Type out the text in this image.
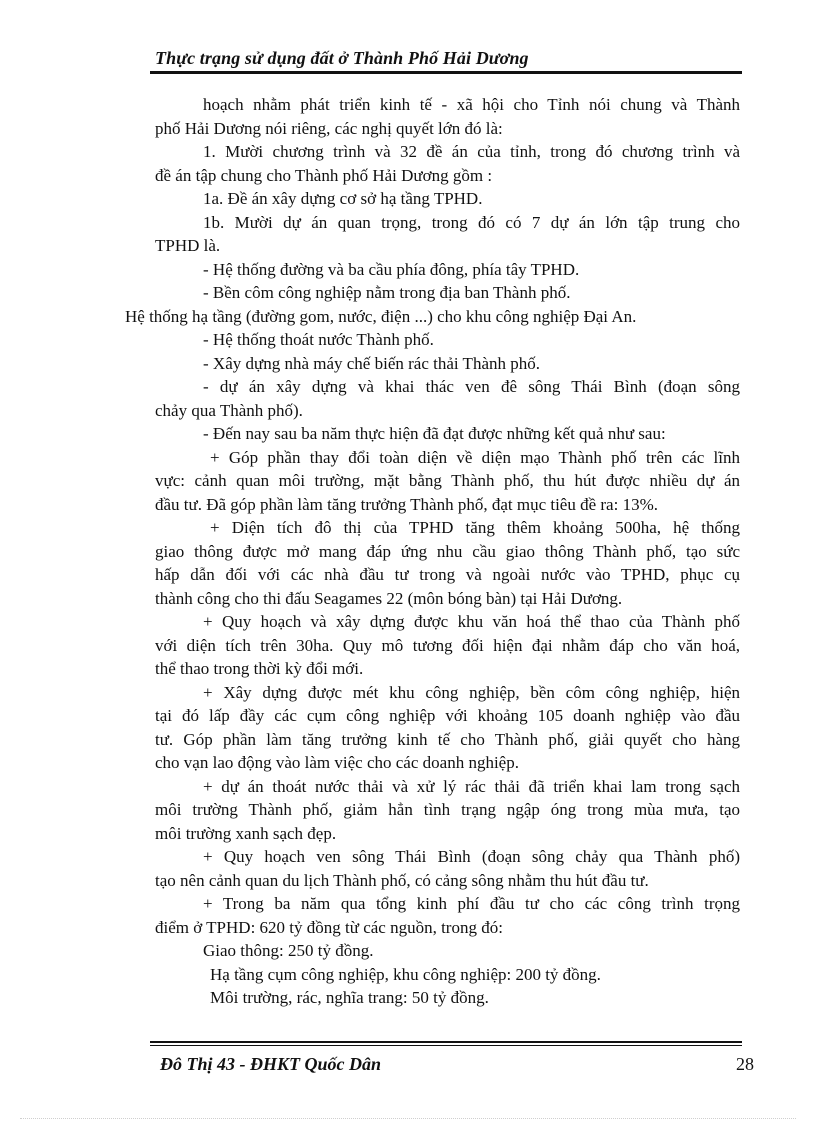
Thực trạng sử dụng đất ở Thành Phố Hải Dương
hoạch nhằm phát triển kinh tế - xã hội cho Tỉnh nói chung và Thành
phố Hải Dương nói riêng, các nghị quyết lớn đó là:
1. Mười chương trình và 32 đề án của tỉnh, trong đó chương trình và
đề án tập chung cho Thành phố Hải Dương gồm :
1a. Đề án xây dựng cơ sở hạ tầng TPHD.
1b. Mười dự án quan trọng, trong đó có 7 dự án lớn tập trung cho
TPHD là.
- Hệ thống đường và ba cầu phía đông, phía tây TPHD.
- Bền côm công nghiệp nằm trong địa ban Thành phố.
Hệ thống hạ tầng (đường gom, nước, điện ...) cho khu công nghiệp Đại An.
- Hệ thống thoát nước Thành phố.
- Xây dựng nhà máy chế biến rác thải Thành phố.
- dự án xây dựng và khai thác ven đê sông Thái Bình (đoạn sông
chảy qua Thành phố).
- Đến nay sau ba năm thực hiện đã đạt được những kết quả như sau:
+ Góp phần thay đổi toàn diện về diện mạo Thành phố trên các lĩnh
vực: cảnh quan môi trường, mặt bằng Thành phố, thu hút được nhiều dự án
đầu tư. Đã góp phần làm tăng trưởng Thành phố, đạt mục tiêu đề ra: 13%.
+ Diện tích đô thị của TPHD tăng thêm khoảng 500ha, hệ thống
giao thông được mở mang đáp ứng nhu cầu giao thông Thành phố, tạo sức
hấp dẫn đối với các nhà đầu tư trong và ngoài nước vào TPHD, phục cụ
thành công cho thi đấu Seagames 22 (môn bóng bàn) tại Hải Dương.
+ Quy hoạch và xây dựng được khu văn hoá thể thao của Thành phố
với diện tích trên 30ha. Quy mô tương đối hiện đại nhằm đáp cho văn hoá,
thể thao trong thời kỳ đổi mới.
+ Xây dựng được mét khu công nghiệp, bền côm công nghiệp, hiện
tại đó lấp đầy các cụm công nghiệp với khoảng 105 doanh nghiệp vào đầu
tư. Góp phần làm tăng trưởng kinh tế cho Thành phố, giải quyết cho hàng
cho vạn lao động vào làm việc cho các doanh nghiệp.
+ dự án thoát nước thải và xử lý rác thải đã triển khai lam trong sạch
môi trường Thành phố, giảm hẳn tình trạng ngập óng trong mùa mưa, tạo
môi trường xanh sạch đẹp.
+ Quy hoạch ven sông Thái Bình (đoạn sông chảy qua Thành phố)
tạo nên cảnh quan du lịch Thành phố, có cảng sông nhằm thu hút đầu tư.
+ Trong ba năm qua tổng kinh phí đầu tư cho các công trình trọng
điểm ở TPHD: 620 tỷ đồng từ các nguồn, trong đó:
Giao thông: 250 tỷ đồng.
Hạ tầng cụm công nghiệp, khu công nghiệp: 200 tỷ đồng.
Môi trường, rác, nghĩa trang: 50 tỷ đồng.
Đô Thị 43 - ĐHKT Quốc Dân	28
